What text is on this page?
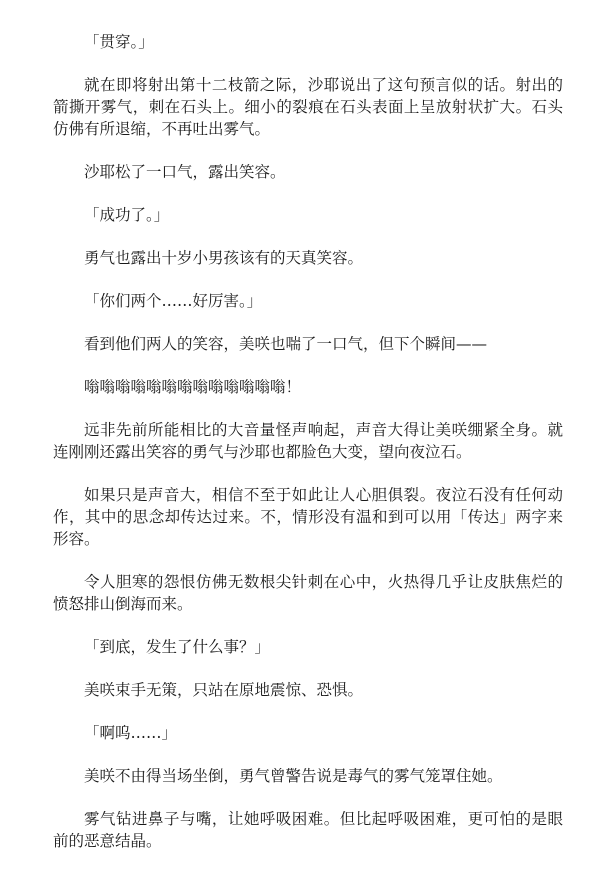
「贯穿。」

就在即将射出第十二枝箭之际，沙耶说出了这句预言似的话。射出的箭撕开雾气，刺在石头上。细小的裂痕在石头表面上呈放射状扩大。石头仿佛有所退缩，不再吐出雾气。

沙耶松了一口气，露出笑容。

「成功了。」

勇气也露出十岁小男孩该有的天真笑容。

「你们两个……好厉害。」

看到他们两人的笑容，美咲也喘了一口气，但下个瞬间——

嗡嗡嗡嗡嗡嗡嗡嗡嗡嗡嗡嗡嗡！

远非先前所能相比的大音量怪声响起，声音大得让美咲绷紧全身。就连刚刚还露出笑容的勇气与沙耶也都脸色大变，望向夜泣石。

如果只是声音大，相信不至于如此让人心胆俱裂。夜泣石没有任何动作，其中的思念却传达过来。不，情形没有温和到可以用「传达」两字来形容。

令人胆寒的怨恨仿佛无数根尖针刺在心中，火热得几乎让皮肤焦烂的愤怒排山倒海而来。

「到底，发生了什么事？」

美咲束手无策，只站在原地震惊、恐惧。

「啊呜……」

美咲不由得当场坐倒，勇气曾警告说是毒气的雾气笼罩住她。

雾气钻进鼻子与嘴，让她呼吸困难。但比起呼吸困难，更可怕的是眼前的恶意结晶。
